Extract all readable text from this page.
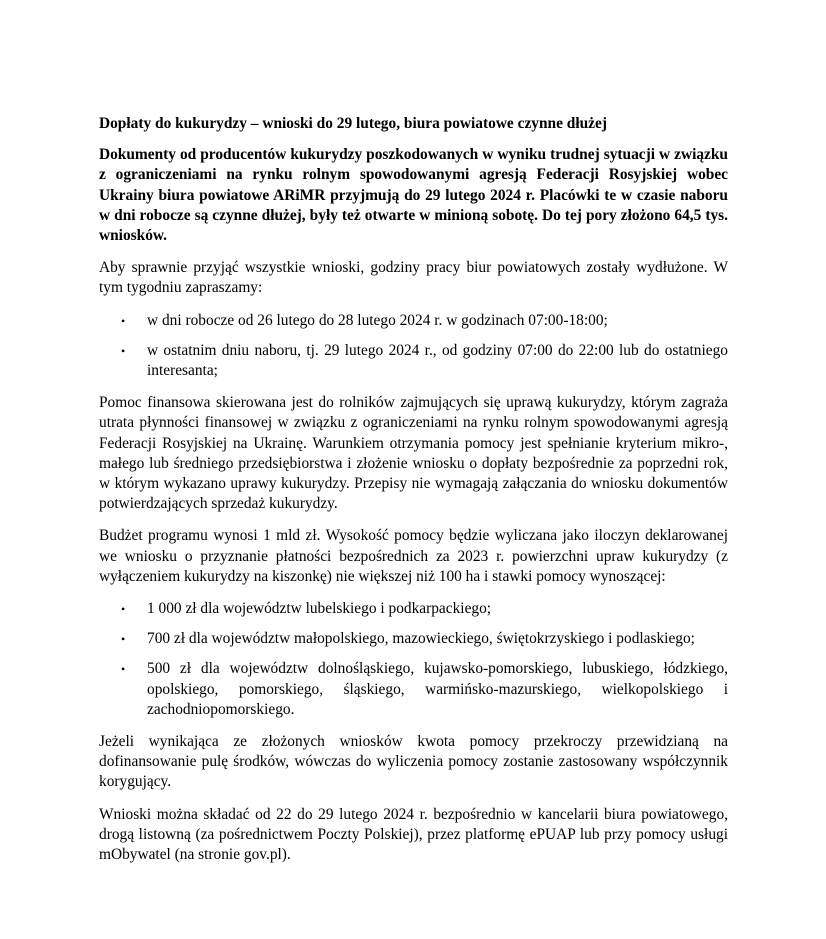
Dopłaty do kukurydzy – wnioski do 29 lutego, biura powiatowe czynne dłużej

Dokumenty od producentów kukurydzy poszkodowanych w wyniku trudnej sytuacji w związku z ograniczeniami na rynku rolnym spowodowanymi agresją Federacji Rosyjskiej wobec Ukrainy biura powiatowe ARiMR przyjmują do 29 lutego 2024 r. Placówki te w czasie naboru w dni robocze są czynne dłużej, były też otwarte w minioną sobotę. Do tej pory złożono 64,5 tys. wniosków.

Aby sprawnie przyjąć wszystkie wnioski, godziny pracy biur powiatowych zostały wydłużone. W tym tygodniu zapraszamy:

• w dni robocze od 26 lutego do 28 lutego 2024 r. w godzinach 07:00-18:00;
• w ostatnim dniu naboru, tj. 29 lutego 2024 r., od godziny 07:00 do 22:00 lub do ostatniego interesanta;

Pomoc finansowa skierowana jest do rolników zajmujących się uprawą kukurydzy, którym zagraża utrata płynności finansowej w związku z ograniczeniami na rynku rolnym spowodowanymi agresją Federacji Rosyjskiej na Ukrainę. Warunkiem otrzymania pomocy jest spełnianie kryterium mikro-, małego lub średniego przedsiębiorstwa i złożenie wniosku o dopłaty bezpośrednie za poprzedni rok, w którym wykazano uprawy kukurydzy. Przepisy nie wymagają załączania do wniosku dokumentów potwierdzających sprzedaż kukurydzy.

Budżet programu wynosi 1 mld zł. Wysokość pomocy będzie wyliczana jako iloczyn deklarowanej we wniosku o przyznanie płatności bezpośrednich za 2023 r. powierzchni upraw kukurydzy (z wyłączeniem kukurydzy na kiszonkę) nie większej niż 100 ha i stawki pomocy wynoszącej:

• 1 000 zł dla województw lubelskiego i podkarpackiego;
• 700 zł dla województw małopolskiego, mazowieckiego, świętokrzyskiego i podlaskiego;
• 500 zł dla województw dolnośląskiego, kujawsko-pomorskiego, lubuskiego, łódzkiego, opolskiego, pomorskiego, śląskiego, warmińsko-mazurskiego, wielkopolskiego i zachodniopomorskiego.

Jeżeli wynikająca ze złożonych wniosków kwota pomocy przekroczy przewidzianą na dofinansowanie pulę środków, wówczas do wyliczenia pomocy zostanie zastosowany współczynnik korygujący.

Wnioski można składać od 22 do 29 lutego 2024 r. bezpośrednio w kancelarii biura powiatowego, drogą listowną (za pośrednictwem Poczty Polskiej), przez platformę ePUAP lub przy pomocy usługi mObywatel (na stronie gov.pl).
